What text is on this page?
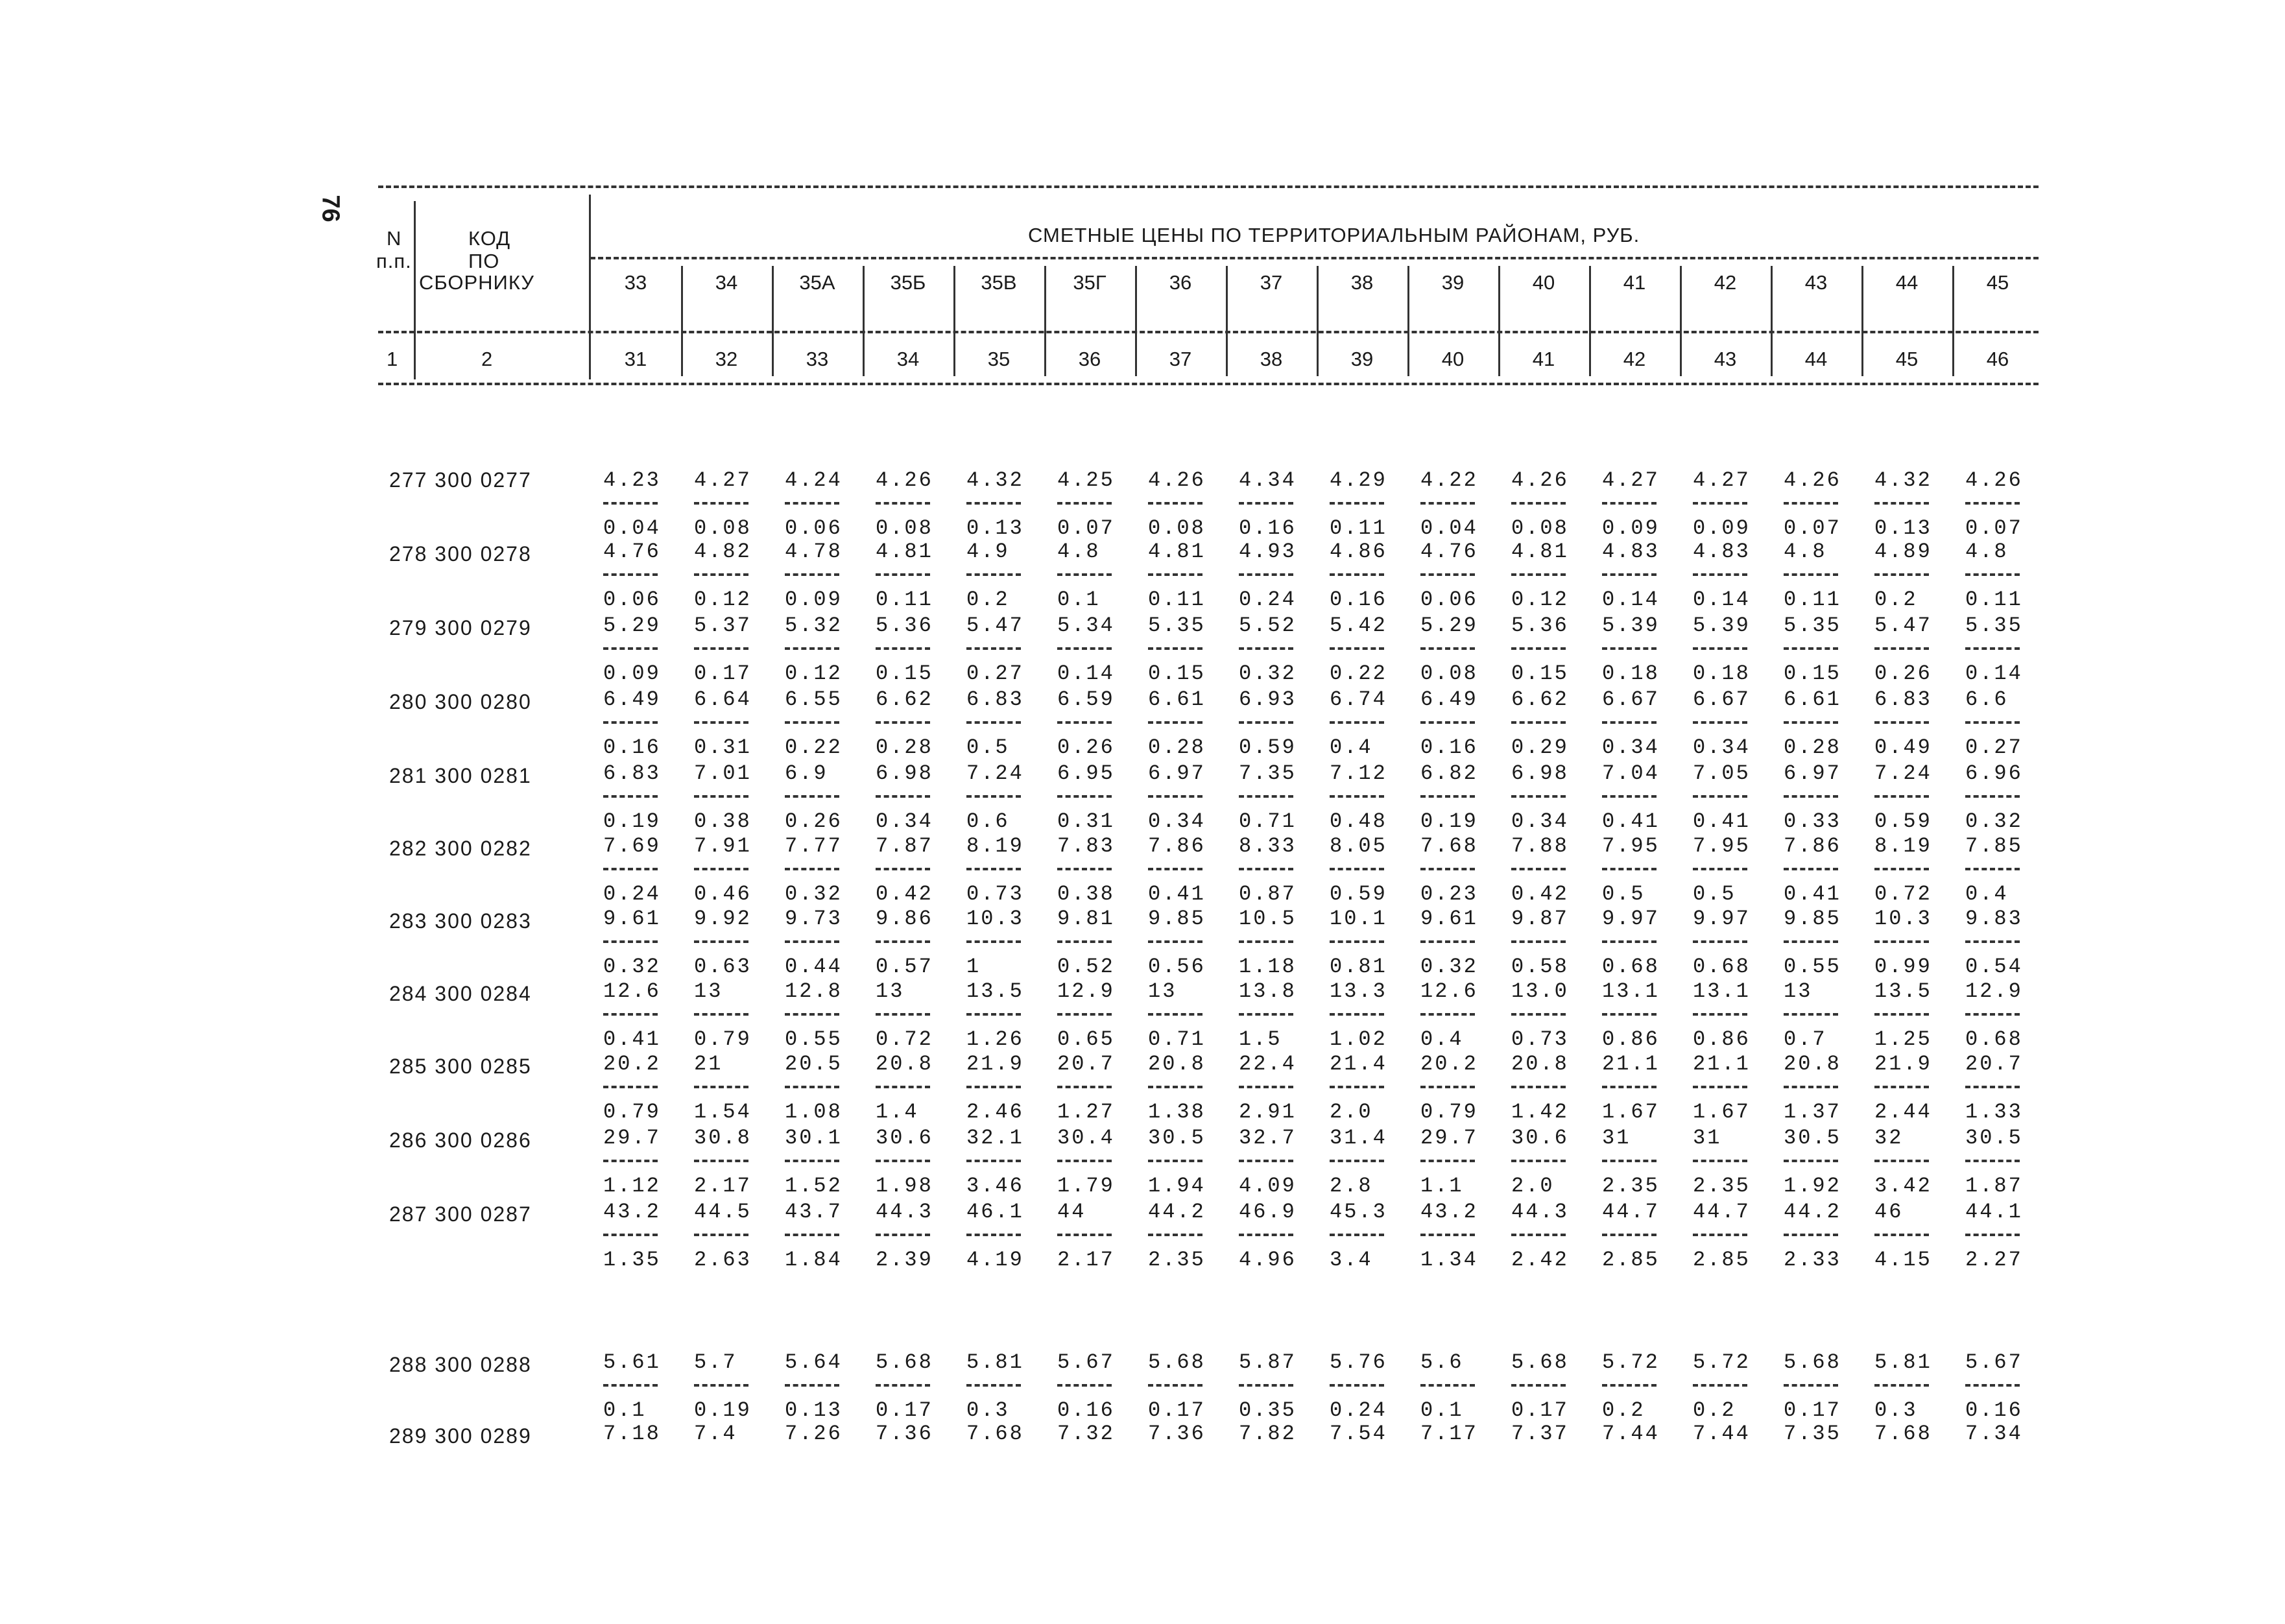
76
N
п.п.
КОД
ПО
СБОРНИКУ
СМЕТНЫЕ ЦЕНЫ ПО ТЕРРИТОРИАЛЬНЫМ РАЙОНАМ, РУБ.
1	2
33	34	35А	35Б	35В	35Г	36	37	38	39	40	41	42	43	44	45
31	32	33	34	35	36	37	38	39	40	41	42	43	44	45	46
277 300 0277	4.23 4.27 4.24 4.26 4.32 4.25 4.26 4.34 4.29 4.22 4.26 4.27 4.27 4.26 4.32 4.26
0.04 0.08 0.06 0.08 0.13 0.07 0.08 0.16 0.11 0.04 0.08 0.09 0.09 0.07 0.13 0.07
278 300 0278	4.76 4.82 4.78 4.81 4.9 4.8 4.81 4.93 4.86 4.76 4.81 4.83 4.83 4.8 4.89 4.8
0.06 0.12 0.09 0.11 0.2 0.1 0.11 0.24 0.16 0.06 0.12 0.14 0.14 0.11 0.2 0.11
279 300 0279	5.29 5.37 5.32 5.36 5.47 5.34 5.35 5.52 5.42 5.29 5.36 5.39 5.39 5.35 5.47 5.35
0.09 0.17 0.12 0.15 0.27 0.14 0.15 0.32 0.22 0.08 0.15 0.18 0.18 0.15 0.26 0.14
280 300 0280	6.49 6.64 6.55 6.62 6.83 6.59 6.61 6.93 6.74 6.49 6.62 6.67 6.67 6.61 6.83 6.6
0.16 0.31 0.22 0.28 0.5 0.26 0.28 0.59 0.4 0.16 0.29 0.34 0.34 0.28 0.49 0.27
281 300 0281	6.83 7.01 6.9 6.98 7.24 6.95 6.97 7.35 7.12 6.82 6.98 7.04 7.05 6.97 7.24 6.96
0.19 0.38 0.26 0.34 0.6 0.31 0.34 0.71 0.48 0.19 0.34 0.41 0.41 0.33 0.59 0.32
282 300 0282	7.69 7.91 7.77 7.87 8.19 7.83 7.86 8.33 8.05 7.68 7.88 7.95 7.95 7.86 8.19 7.85
0.24 0.46 0.32 0.42 0.73 0.38 0.41 0.87 0.59 0.23 0.42 0.5 0.5 0.41 0.72 0.4
283 300 0283	9.61 9.92 9.73 9.86 10.3 9.81 9.85 10.5 10.1 9.61 9.87 9.97 9.97 9.85 10.3 9.83
0.32 0.63 0.44 0.57 1	0.52 0.56 1.18 0.81 0.32 0.58 0.68 0.68 0.55 0.99 0.54
284 300 0284	12.6 13	12.8 13	13.5 12.9 13	13.8 13.3 12.6 13.0 13.1 13.1 13	13.5 12.9
0.41 0.79 0.55 0.72 1.26 0.65 0.71 1.5 1.02 0.4 0.73 0.86 0.86 0.7 1.25 0.68
285 300 0285	20.2 21	20.5 20.8 21.9 20.7 20.8 22.4 21.4 20.2 20.8 21.1 21.1 20.8 21.9 20.7
0.79 1.54 1.08 1.4 2.46 1.27 1.38 2.91 2.0 0.79 1.42 1.67 1.67 1.37 2.44 1.33
286 300 0286	29.7 30.8 30.1 30.6 32.1 30.4 30.5 32.7 31.4 29.7 30.6 31	31	30.5 32	30.5
1.12 2.17 1.52 1.98 3.46 1.79 1.94 4.09 2.8 1.1 2.0 2.35 2.35 1.92 3.42 1.87
287 300 0287	43.2 44.5 43.7 44.3 46.1 44	44.2 46.9 45.3 43.2 44.3 44.7 44.7 44.2 46	44.1
1.35 2.63 1.84 2.39 4.19 2.17 2.35 4.96 3.4 1.34 2.42 2.85 2.85 2.33 4.15 2.27
288 300 0288	5.61 5.7 5.64 5.68 5.81 5.67 5.68 5.87 5.76 5.6 5.68 5.72 5.72 5.68 5.81 5.67
0.1 0.19 0.13 0.17 0.3 0.16 0.17 0.35 0.24 0.1 0.17 0.2 0.2 0.17 0.3 0.16
289 300 0289	7.18 7.4 7.26 7.36 7.68 7.32 7.36 7.82 7.54 7.17 7.37 7.44 7.44 7.35 7.68 7.34
